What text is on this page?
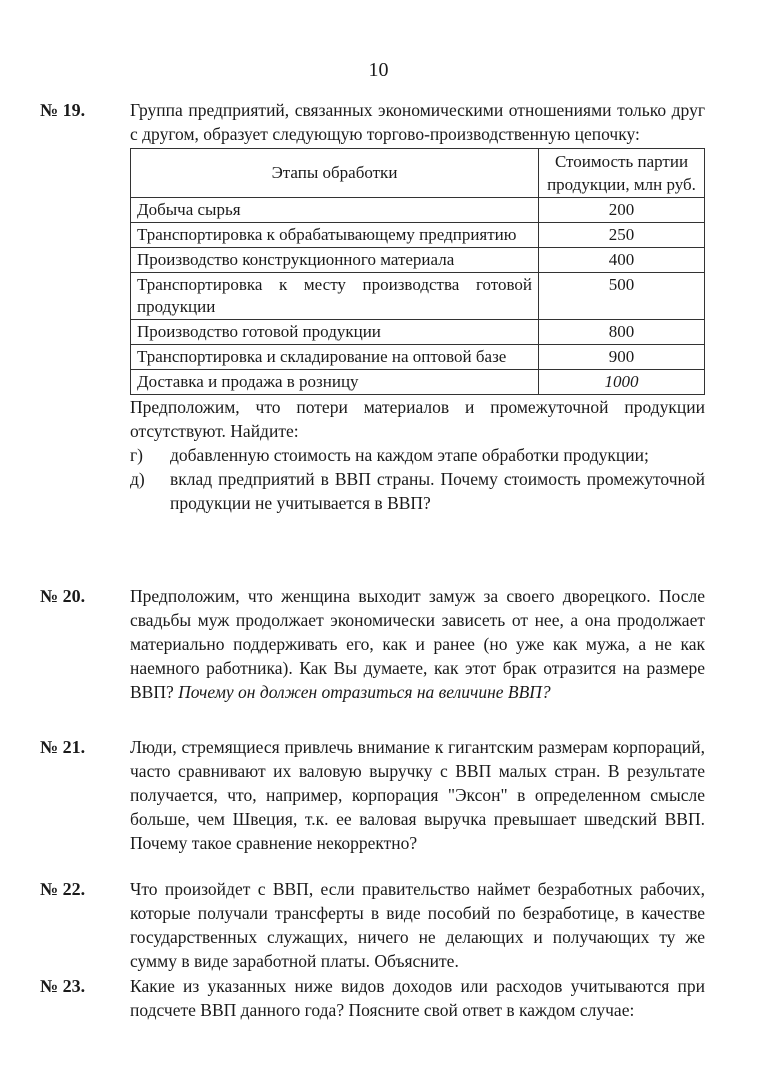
10
№ 19.	Группа предприятий, связанных экономическими отношениями только друг с другом, образует следующую торгово-производственную цепочку:

Этапы обработки	Стоимость партии продукции, млн руб.
Добыча сырья	200
Транспортировка к обрабатывающему предприятию	250
Производство конструкционного материала	400
Транспортировка к месту производства готовой продукции	500
Производство готовой продукции	800
Транспортировка и складирование на оптовой базе	900
Доставка и продажа в розницу	1000

Предположим, что потери материалов и промежуточной продукции отсутствуют. Найдите:

г)	добавленную стоимость на каждом этапе обработки продукции;
д)	вклад предприятий в ВВП страны. Почему стоимость промежуточной продукции не учитывается в ВВП?
№ 20.	Предположим, что женщина выходит замуж за своего дворецкого. После свадьбы муж продолжает экономически зависеть от нее, а она продолжает материально поддерживать его, как и ранее (но уже как мужа, а не как наемного работника). Как Вы думаете, как этот брак отразится на размере ВВП? Почему он должен отразиться на величине ВВП?

№ 21.	Люди, стремящиеся привлечь внимание к гигантским размерам корпораций, часто сравнивают их валовую выручку с ВВП малых стран. В результате получается, что, например, корпорация "Эксон" в определенном смысле больше, чем Швеция, т.к. ее валовая выручка превышает шведский ВВП. Почему такое сравнение некорректно?

№ 22.	Что произойдет с ВВП, если правительство наймет безработных рабочих, которые получали трансферты в виде пособий по безработице, в качестве государственных служащих, ничего не делающих и получающих ту же сумму в виде заработной платы. Объясните.

№ 23.	Какие из указанных ниже видов доходов или расходов учитываются при подсчете ВВП данного года? Поясните свой ответ в каждом случае:
